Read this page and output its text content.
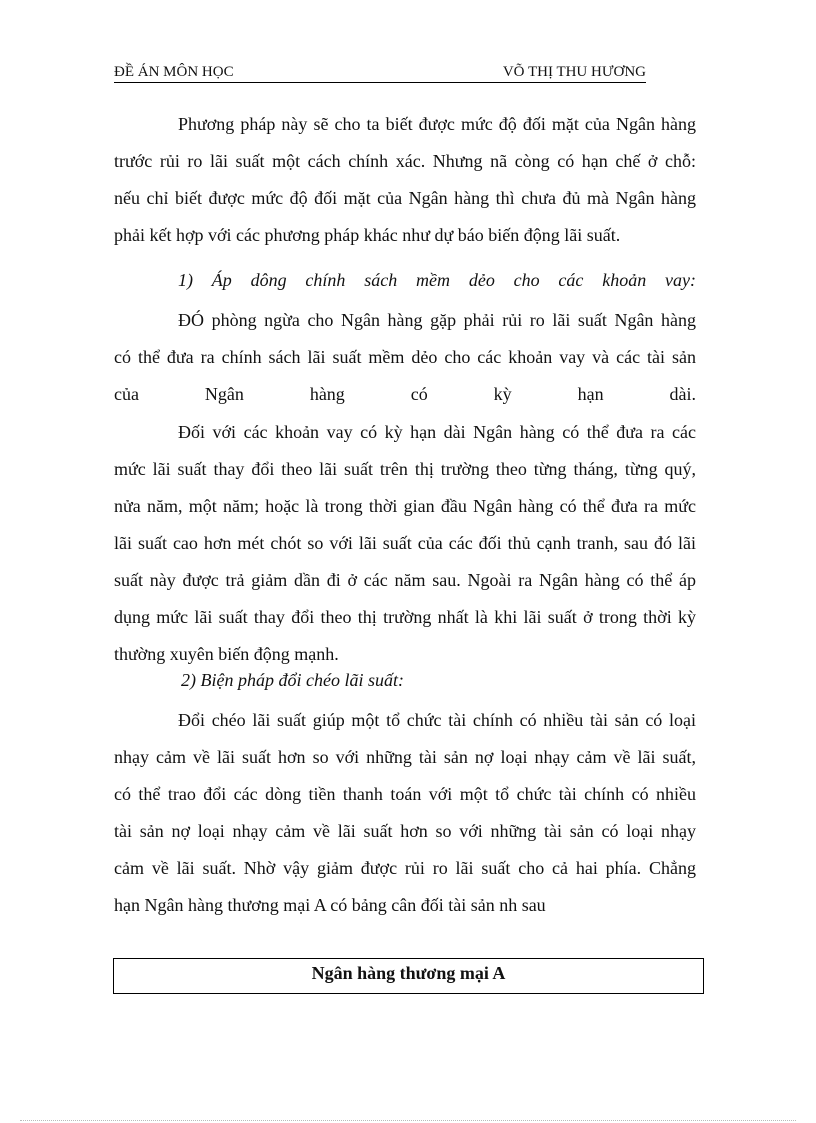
ĐỀ ÁN MÔN HỌC	VÕ THỊ THU HƯƠNG
Phương pháp này sẽ cho ta biết được mức độ đối mặt của Ngân hàng
trước rủi ro lãi suất một cách chính xác. Nhưng nã còng có hạn chế ở chỗ:
nếu chỉ biết được mức độ đối mặt của Ngân hàng thì chưa đủ mà Ngân hàng
phải kết hợp với các phương pháp khác như dự báo biến động lãi suất.
1) Áp dông chính sách mềm dẻo cho các khoản vay:
ĐÓ phòng ngừa cho Ngân hàng gặp phải rủi ro lãi suất Ngân hàng
có thể đưa ra chính sách lãi suất mềm dẻo cho các khoản vay và các tài sản
của Ngân hàng có kỳ hạn dài.
Đối với các khoản vay có kỳ hạn dài Ngân hàng có thể đưa ra các
mức lãi suất thay đổi theo lãi suất trên thị trường theo từng tháng, từng quý,
nửa năm, một năm; hoặc là trong thời gian đầu Ngân hàng có thể đưa ra mức
lãi suất cao hơn mét chót so với lãi suất của các đối thủ cạnh tranh, sau đó lãi
suất này được trả giảm dần đi ở các năm sau. Ngoài ra Ngân hàng có thể áp
dụng mức lãi suất thay đổi theo thị trường nhất là khi lãi suất ở trong thời kỳ
thường xuyên biến động mạnh.
2) Biện pháp đổi chéo lãi suất:
Đổi chéo lãi suất giúp một tổ chức tài chính có nhiều tài sản có loại
nhạy cảm về lãi suất hơn so với những tài sản nợ loại nhạy cảm về lãi suất,
có thể trao đổi các dòng tiền thanh toán với một tổ chức tài chính có nhiều
tài sản nợ loại nhạy cảm về lãi suất hơn so với những tài sản có loại nhạy
cảm về lãi suất. Nhờ vậy giảm được rủi ro lãi suất cho cả hai phía. Chẳng
hạn Ngân hàng thương mại A có bảng cân đối tài sản nh sau
Ngân hàng thương mại A
